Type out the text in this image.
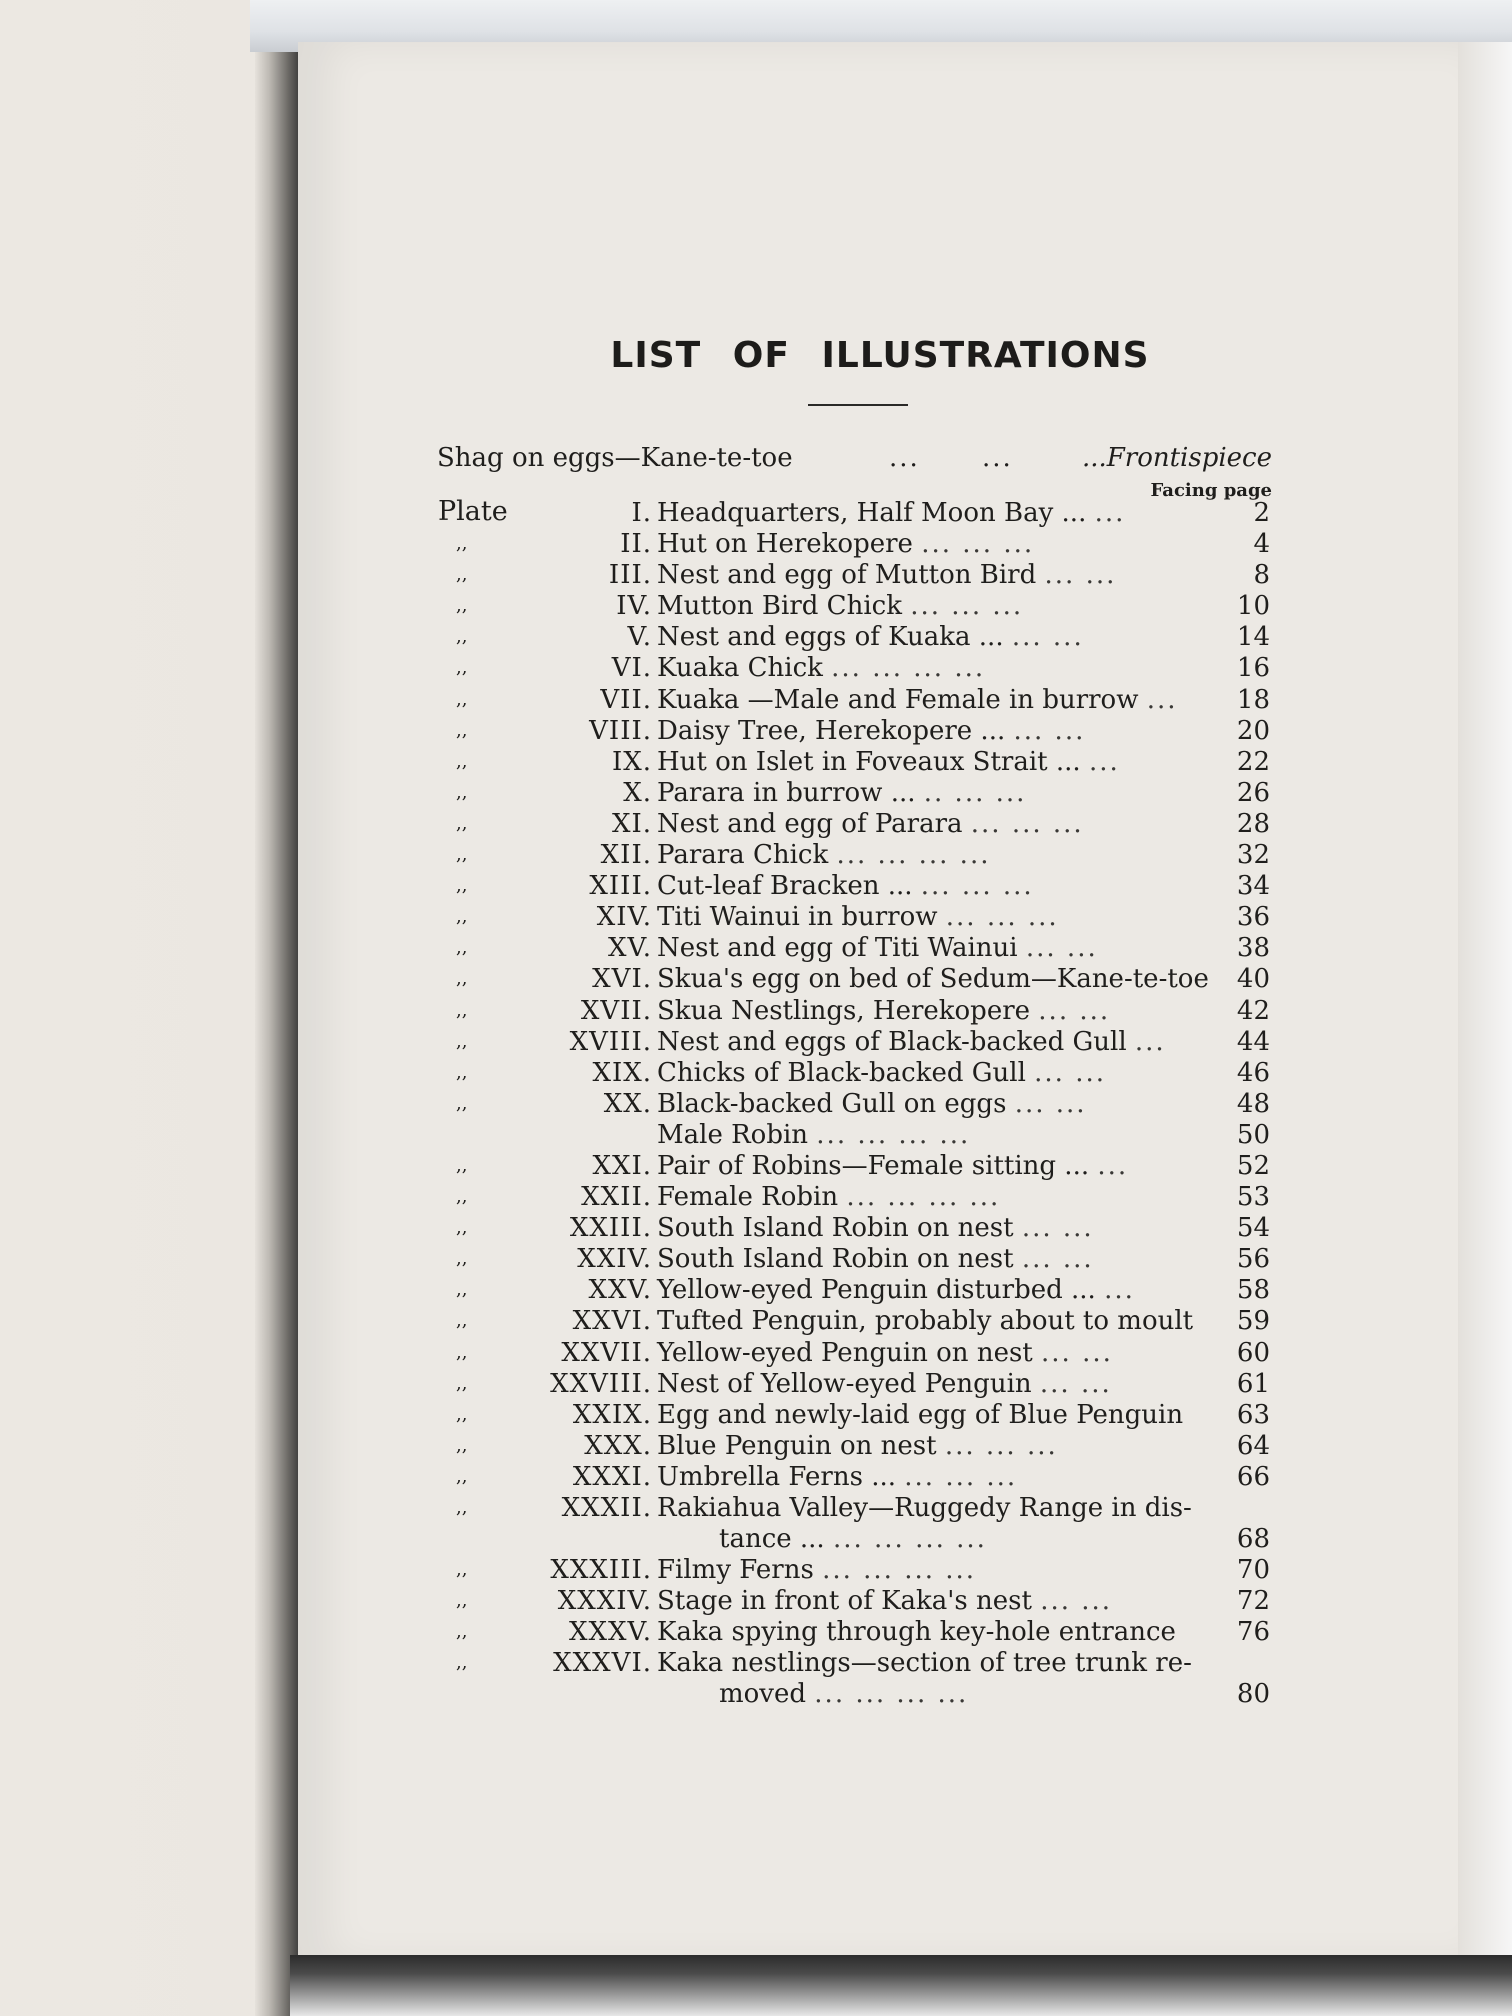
LIST OF ILLUSTRATIONS
Shag on eggs—Kane-te-toe	... ...	...Frontispiece
Facing page
Plate	I. Headquarters, Half Moon Bay ... ...	2
,,	II. Hut on Herekopere ... ... ...	4
,,	III. Nest and egg of Mutton Bird ... ...	8
,,	IV. Mutton Bird Chick ... ... ...	10
,,	V. Nest and eggs of Kuaka ... ... ...	14
,,	VI. Kuaka Chick ... ... ... ...	16
,,	VII. Kuaka —Male and Female in burrow ...	18
,,	VIII. Daisy Tree, Herekopere ... ... ...	20
,,	IX. Hut on Islet in Foveaux Strait ... ...	22
,,	X. Parara in burrow ... .. ... ...	26
,,	XI. Nest and egg of Parara ... ... ...	28
,,	XII. Parara Chick ... ... ... ...	32
,,	XIII. Cut-leaf Bracken ... ... ... ...	34
,,	XIV. Titi Wainui in burrow ... ... ...	36
,,	XV. Nest and egg of Titi Wainui ... ...	38
,,	XVI. Skua's egg on bed of Sedum—Kane-te-toe	40
,,	XVII. Skua Nestlings, Herekopere ... ...	42
,,	XVIII. Nest and eggs of Black-backed Gull ...	44
,,	XIX. Chicks of Black-backed Gull ... ...	46
,,	XX. Black-backed Gull on eggs ... ...	48
Male Robin ... ... ... ...	50
,,	XXI. Pair of Robins—Female sitting ... ...	52
,,	XXII. Female Robin ... ... ... ...	53
,,	XXIII. South Island Robin on nest ... ...	54
,,	XXIV. South Island Robin on nest ... ...	56
,,	XXV. Yellow-eyed Penguin disturbed ... ...	58
,,	XXVI. Tufted Penguin, probably about to moult	59
,,	XXVII. Yellow-eyed Penguin on nest ... ...	60
,,	XXVIII. Nest of Yellow-eyed Penguin ... ...	61
,,	XXIX. Egg and newly-laid egg of Blue Penguin	63
,,	XXX. Blue Penguin on nest ... ... ...	64
,,	XXXI. Umbrella Ferns ... ... ... ...	66
,,	XXXII. Rakiahua Valley—Ruggedy Range in dis-
tance ... ... ... ... ...	68
,,	XXXIII. Filmy Ferns ... ... ... ...	70
,,	XXXIV. Stage in front of Kaka's nest ... ...	72
,,	XXXV. Kaka spying through key-hole entrance	76
,,	XXXVI. Kaka nestlings—section of tree trunk re-
moved ... ... ... ...	80
